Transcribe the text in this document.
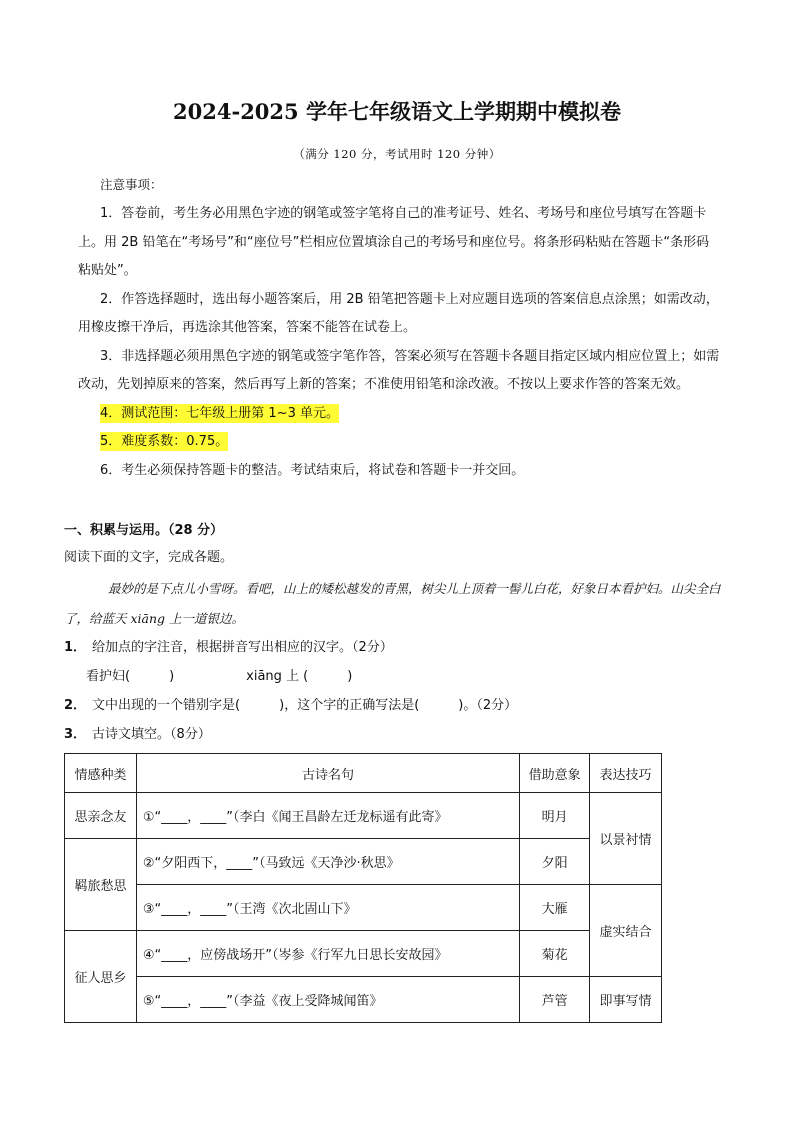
2024-2025 学年七年级语文上学期期中模拟卷
（满分 120 分，考试用时 120 分钟）
注意事项：

1．答卷前，考生务必用黑色字迹的钢笔或签字笔将自己的准考证号、姓名、考场号和座位号填写在答题卡上。用 2B 铅笔在“考场号”和“座位号”栏相应位置填涂自己的考场号和座位号。将条形码粘贴在答题卡“条形码粘贴处”。

2．作答选择题时，选出每小题答案后，用 2B 铅笔把答题卡上对应题目选项的答案信息点涂黑；如需改动，用橡皮擦干净后，再选涂其他答案，答案不能答在试卷上。

3．非选择题必须用黑色字迹的钢笔或签字笔作答，答案必须写在答题卡各题目指定区域内相应位置上；如需改动，先划掉原来的答案，然后再写上新的答案；不准使用铅笔和涂改液。不按以上要求作答的答案无效。

4．测试范围：七年级上册第 1~3 单元。

5．难度系数：0.75。

6．考生必须保持答题卡的整洁。考试结束后，将试卷和答题卡一并交回。

一、积累与运用。（28 分）
阅读下面的文字，完成各题。
最妙的是下点儿小雪呀。看吧，山上的矮松越发的青黑，树尖儿上顶着一髻儿白花，好象日本看护妇。山尖全白了，给蓝天 xiāng 上一道银边。
1． 给加点的字注音，根据拼音写出相应的汉字。（2分）
看护妇(　　　)	xiāng 上 (　　　)
2． 文中出现的一个错别字是(　　　)，这个字的正确写法是(　　　)。（2分）
3． 古诗文填空。（8分）
情感种类	古诗名句	借助意象	表达技巧
思亲念友	①“____，____”（李白《闻王昌龄左迁龙标遥有此寄》	明月	以景衬情
羁旅愁思	②“夕阳西下，____”（马致远《天净沙·秋思》	夕阳	
	③“____，____”（王湾《次北固山下》	大雁	虚实结合
征人思乡	④“____，应傍战场开”（岑参《行军九日思长安故园》	菊花	
	⑤“____，____”（李益《夜上受降城闻笛》	芦管	即事写情
